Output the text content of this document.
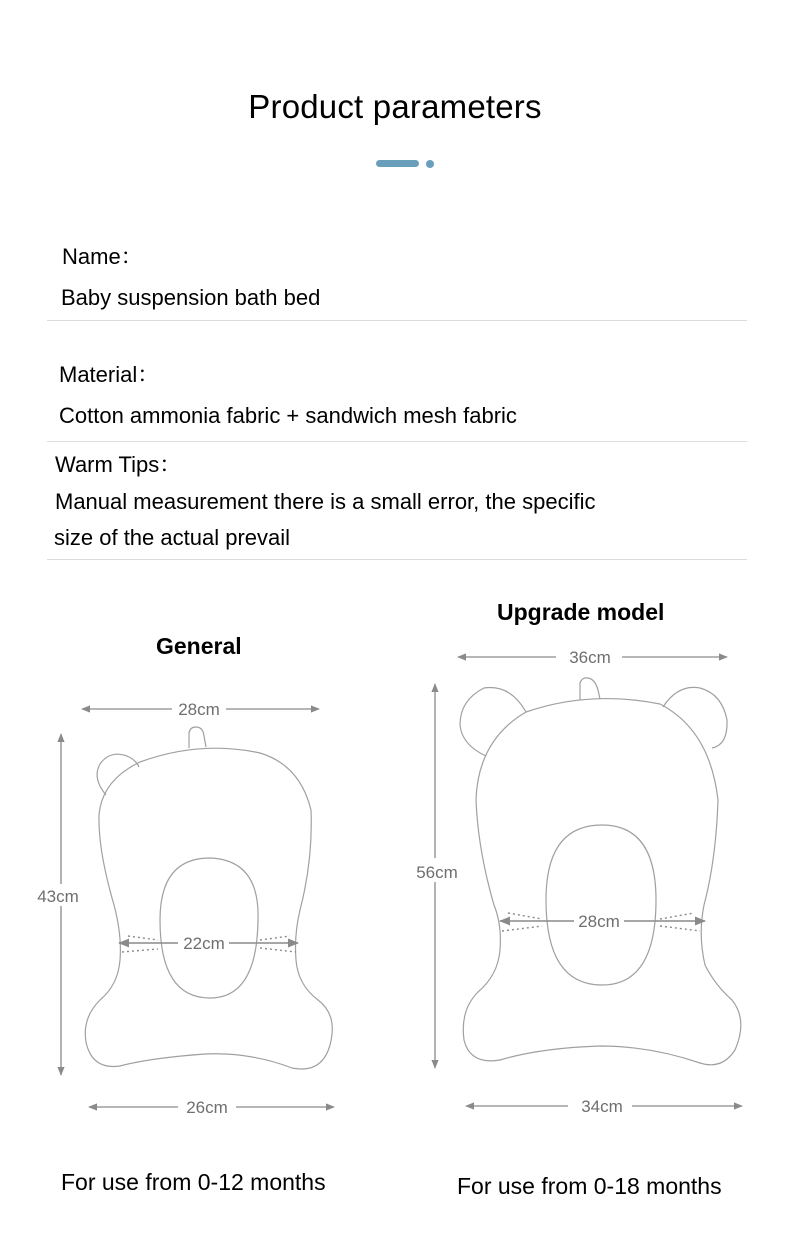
Product parameters
Name：
Baby suspension bath bed
Material：
Cotton ammonia fabric + sandwich mesh fabric
Warm Tips：
Manual measurement there is a small error, the specific
size of the actual prevail
General
Upgrade model
28cm
43cm
22cm
26cm
36cm
56cm
28cm
34cm
For use from 0-12 months	For use from 0-18 months
